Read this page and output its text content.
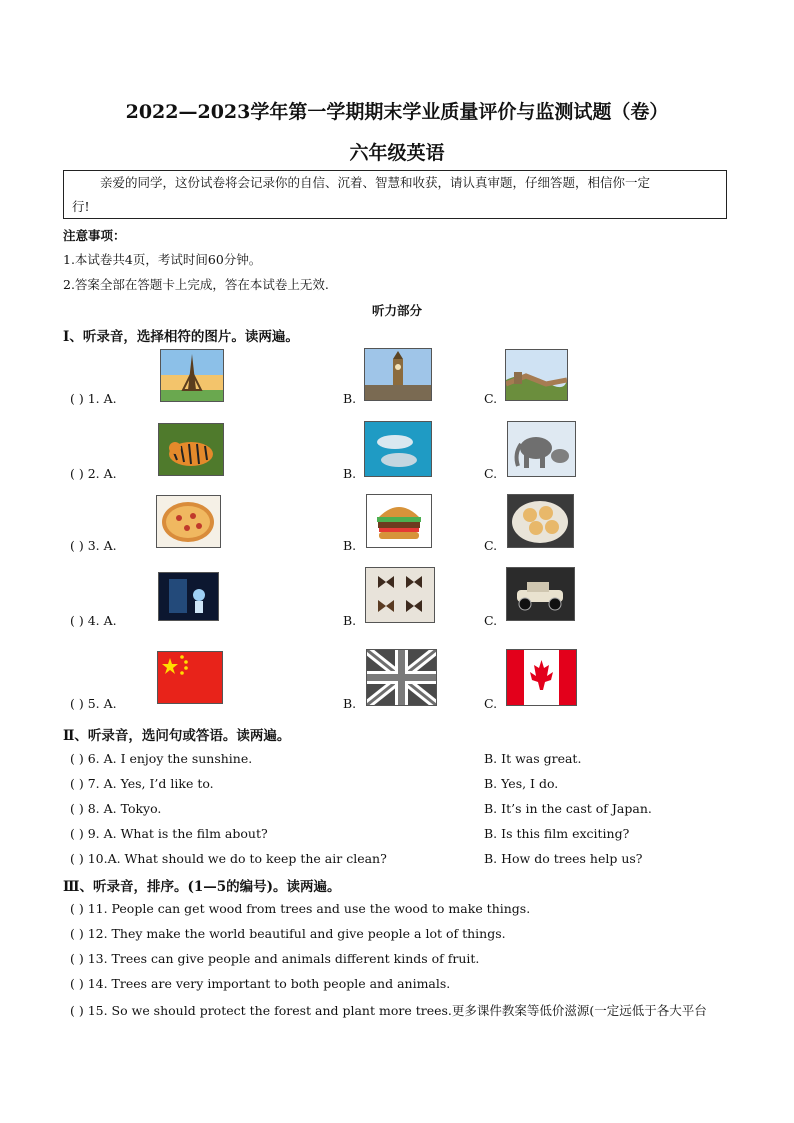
2022—2023学年第一学期期末学业质量评价与监测试题（卷）
六年级英语
亲爱的同学，这份试卷将会记录你的自信、沉着、智慧和收获，请认真审题，仔细答题，相信你一定
行!
注意事项：
1.本试卷共4页，考试时间60分钟。
2.答案全部在答题卡上完成，答在本试卷上无效.
听力部分
Ⅰ、听录音，选择相符的图片。读两遍。
( ) 1. A.	B.	C.
( ) 2. A.	B.	C.
( ) 3. A.	B.	C.
( ) 4. A.	B.	C.
( ) 5. A.	B.	C.
Ⅱ、听录音，选问句或答语。读两遍。
( ) 6. A. I enjoy the sunshine.	B. It was great.
( ) 7. A. Yes, I’d like to.	B. Yes, I do.
( ) 8. A. Tokyo.	B. It’s in the cast of Japan.
( ) 9. A. What is the film about?	B. Is this film exciting?
( ) 10.A. What should we do to keep the air clean?	B. How do trees help us?
Ⅲ、听录音，排序。(1—5的编号)。读两遍。
( ) 11. People can get wood from trees and use the wood to make things.
( ) 12. They make the world beautiful and give people a lot of things.
( ) 13. Trees can give people and animals different kinds of fruit.
( ) 14. Trees are very important to both people and animals.
( ) 15. So we should protect the forest and plant more trees.更多课件教案等低价滋源(一定远低于各大平台
